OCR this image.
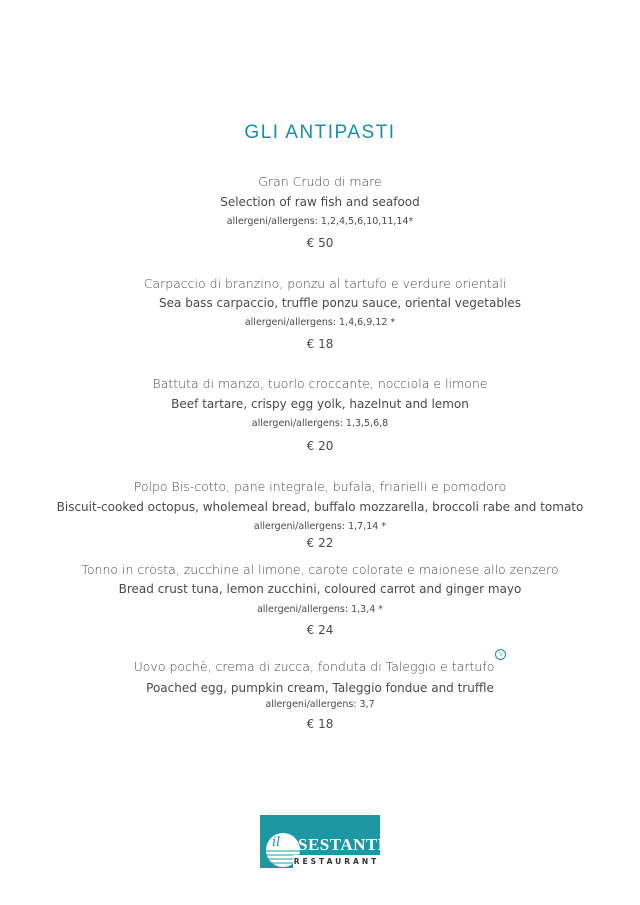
GLI ANTIPASTI
Gran Crudo di mare
Selection of raw fish and seafood
allergeni/allergens: 1,2,4,5,6,10,11,14*
€ 50
Carpaccio di branzino, ponzu al tartufo e verdure orientali
Sea bass carpaccio, truffle ponzu sauce, oriental vegetables
allergeni/allergens: 1,4,6,9,12 *
€ 18
Battuta di manzo, tuorlo croccante, nocciola e limone
Beef tartare, crispy egg yolk, hazelnut and lemon
allergeni/allergens: 1,3,5,6,8
€ 20
Polpo Bis-cotto, pane integrale, bufala, friarielli e pomodoro
Biscuit-cooked octopus, wholemeal bread, buffalo mozzarella, broccoli rabe and tomato
allergeni/allergens: 1,7,14 *
€ 22
Tonno in crosta, zucchine al limone, carote colorate e maionese allo zenzero
Bread crust tuna, lemon zucchini, coloured carrot and ginger mayo
allergeni/allergens: 1,3,4 *
€ 24
Uovo pochè, crema di zucca, fonduta di Taleggio e tartufoV
Poached egg, pumpkin cream, Taleggio fondue and truffle
allergeni/allergens: 3,7
€ 18
il SESTANTE
RESTAURANT
